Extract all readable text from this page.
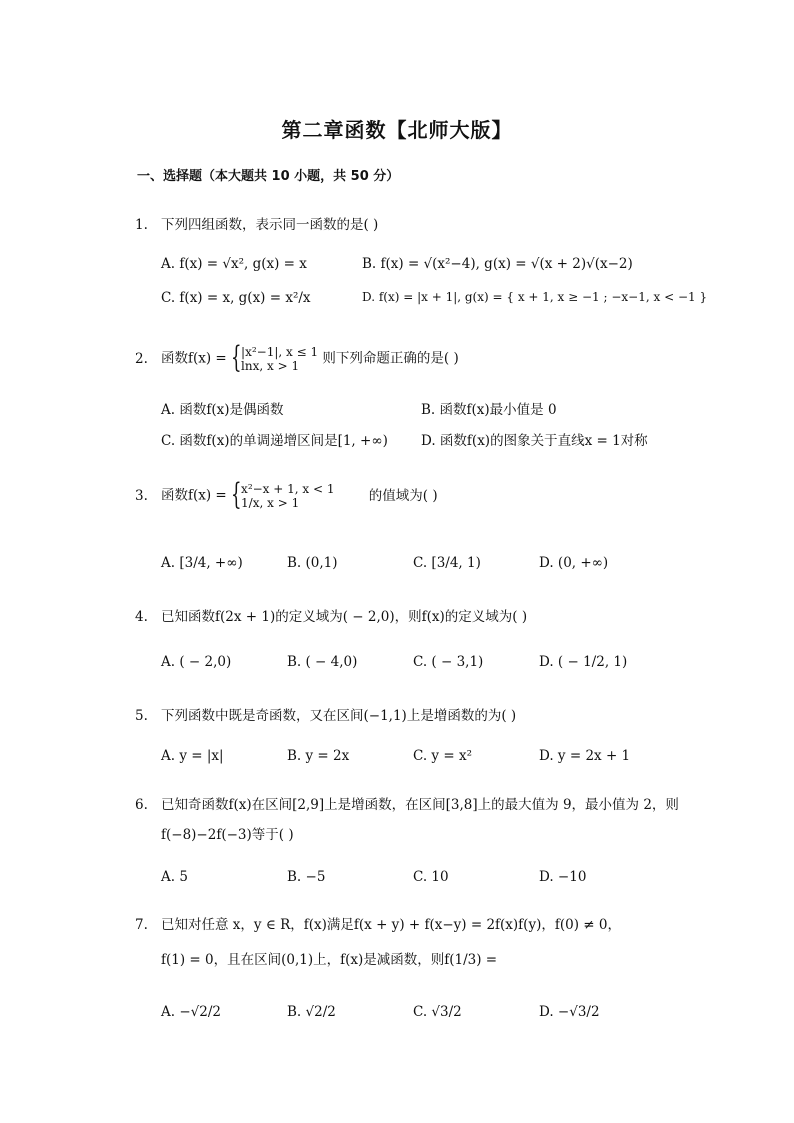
第二章函数【北师大版】
一、选择题（本大题共 10 小题，共 50 分）
1. 下列四组函数，表示同一函数的是( )
A. f(x) = √x², g(x) = x	B. f(x) = √(x²−4), g(x) = √(x + 2)√(x−2)
C. f(x) = x, g(x) = x²/x	D. f(x) = |x + 1|, g(x) = { x + 1, x ≥ −1 ; −x−1, x < −1 }
2. 函数f(x) = { |x²−1|, x ≤ 1
lnx, x > 1	则下列命题正确的是( )
A. 函数f(x)是偶函数	B. 函数f(x)最小值是 0
C. 函数f(x)的单调递增区间是[1, +∞) D. 函数f(x)的图象关于直线x = 1对称
3. 函数f(x) = { x²−x + 1, x < 1
1/x, x > 1	的值域为( )
A. [3/4, +∞)	B. (0,1)	C. [3/4, 1)	D. (0, +∞)
4. 已知函数f(2x + 1)的定义域为( − 2,0)，则f(x)的定义域为( )
A. ( − 2,0)	B. ( − 4,0)	C. ( − 3,1)	D. ( − 1/2, 1)
5. 下列函数中既是奇函数，又在区间(−1,1)上是增函数的为( )
A. y = |x|	B. y = 2x	C. y = x²	D. y = 2x + 1
6. 已知奇函数f(x)在区间[2,9]上是增函数，在区间[3,8]上的最大值为 9，最小值为 2，则
f(−8)−2f(−3)等于( )
A. 5	B. −5	C. 10	D. −10
7. 已知对任意 x，y ∈ R，f(x)满足f(x + y) + f(x−y) = 2f(x)f(y)，f(0) ≠ 0，
f(1) = 0，且在区间(0,1)上，f(x)是减函数，则f(1/3) =
A. −√2/2	B. √2/2	C. √3/2	D. −√3/2
